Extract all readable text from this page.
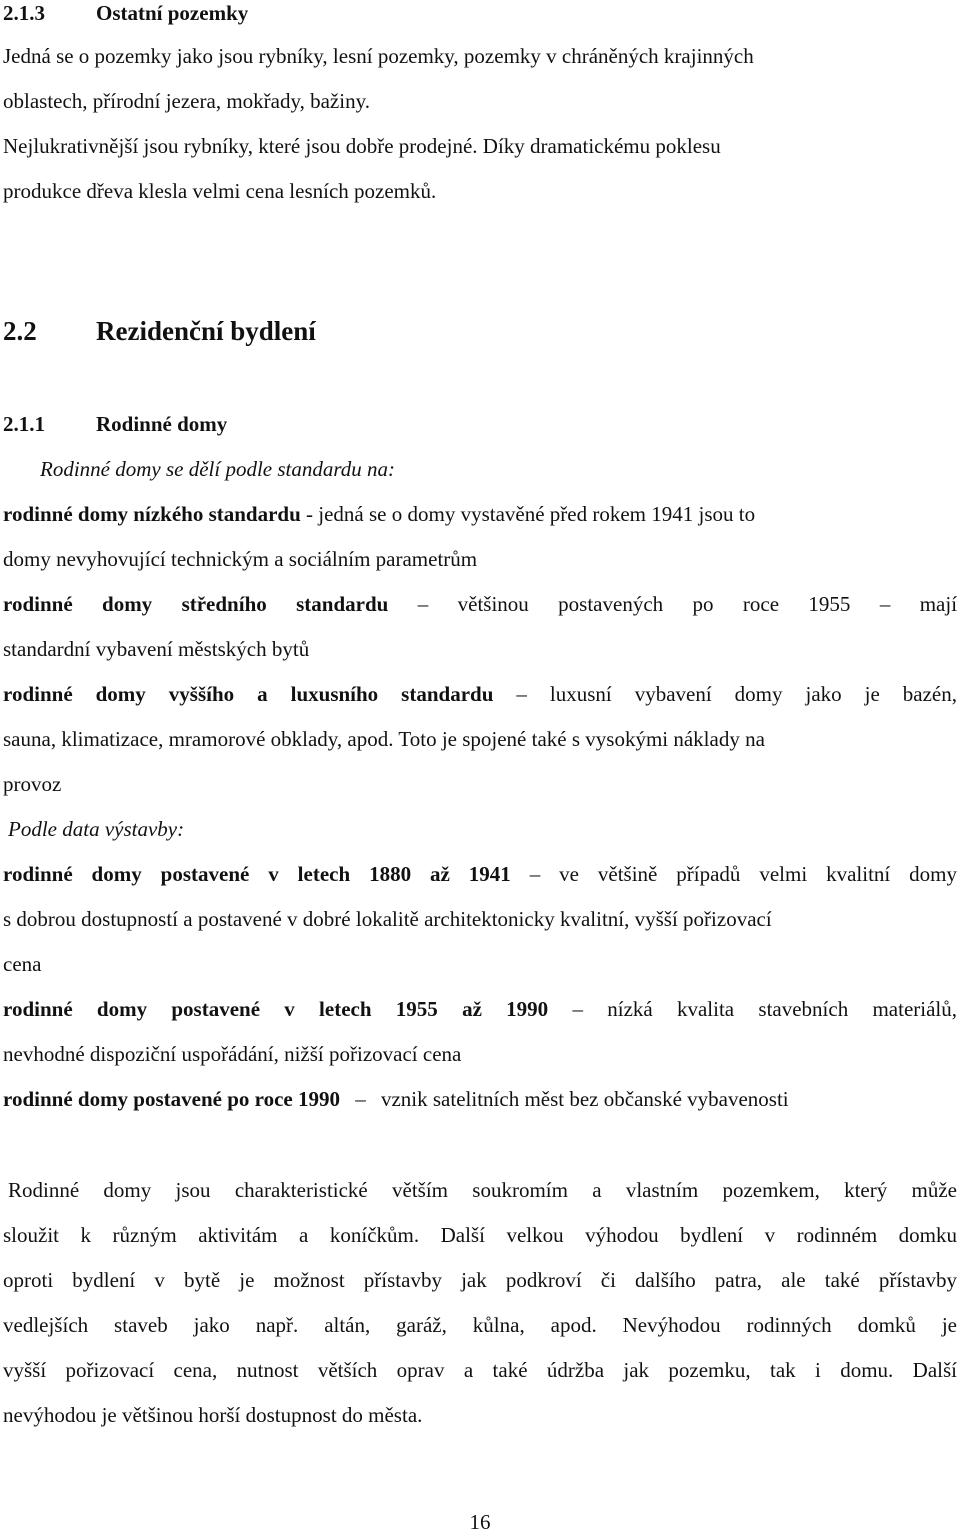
2.1.3 Ostatní pozemky
Jedná se o pozemky jako jsou rybníky, lesní pozemky, pozemky v chráněných krajinných
oblastech, přírodní jezera, mokřady, bažiny.
Nejlukrativnější jsou rybníky, které jsou dobře prodejné. Díky dramatickému poklesu
produkce dřeva klesla velmi cena lesních pozemků.
2.2 Rezidenční bydlení
2.1.1 Rodinné domy
Rodinné domy se dělí podle standardu na:
rodinné domy nízkého standardu - jedná se o domy vystavěné před rokem 1941 jsou to
domy nevyhovující technickým a sociálním parametrům
rodinné domy středního standardu – většinou postavených po roce 1955 – mají
standardní vybavení městských bytů
rodinné domy vyššího a luxusního standardu – luxusní vybavení domy jako je bazén,
sauna, klimatizace, mramorové obklady, apod. Toto je spojené také s vysokými náklady na
provoz
Podle data výstavby:
rodinné domy postavené v letech 1880 až 1941 – ve většině případů velmi kvalitní domy
s dobrou dostupností a postavené v dobré lokalitě architektonicky kvalitní, vyšší pořizovací
cena
rodinné domy postavené v letech 1955 až 1990 – nízká kvalita stavebních materiálů,
nevhodné dispoziční uspořádání, nižší pořizovací cena
rodinné domy postavené po roce 1990 – vznik satelitních měst bez občanské vybavenosti
Rodinné domy jsou charakteristické větším soukromím a vlastním pozemkem, který může
sloužit k různým aktivitám a koníčkům. Další velkou výhodou bydlení v rodinném domku
oproti bydlení v bytě je možnost přístavby jak podkroví či dalšího patra, ale také přístavby
vedlejších staveb jako např. altán, garáž, kůlna, apod. Nevýhodou rodinných domků je
vyšší pořizovací cena, nutnost větších oprav a také údržba jak pozemku, tak i domu. Další
nevýhodou je většinou horší dostupnost do města.
16
